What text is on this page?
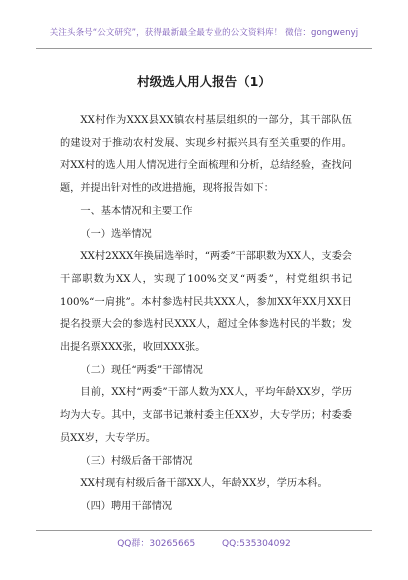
关注头条号“公文研究”，获得最新最全最专业的公文资料库！ 微信：gongwenyj
村级选人用人报告（1）

XX村作为XXX县XX镇农村基层组织的一部分，其干部队伍的建设对于推动农村发展、实现乡村振兴具有至关重要的作用。对XX村的选人用人情况进行全面梳理和分析，总结经验，查找问题，并提出针对性的改进措施，现将报告如下：

一、基本情况和主要工作

（一）选举情况

XX村2XXX年换届选举时，“两委”干部职数为XX人，支委会干部职数为XX人，实现了100%交叉“两委”，村党组织书记100%“一肩挑”。本村参选村民共XXX人，参加XX年XX月XX日提名投票大会的参选村民XXX人，超过全体参选村民的半数；发出提名票XXX张，收回XXX张。

（二）现任“两委”干部情况

目前，XX村“两委”干部人数为XX人，平均年龄XX岁，学历均为大专。其中，支部书记兼村委主任XX岁，大专学历；村委委员XX岁，大专学历。

（三）村级后备干部情况

XX村现有村级后备干部XX人，年龄XX岁，学历本科。

（四）聘用干部情况

QQ群：30265665	QQ:535304092
